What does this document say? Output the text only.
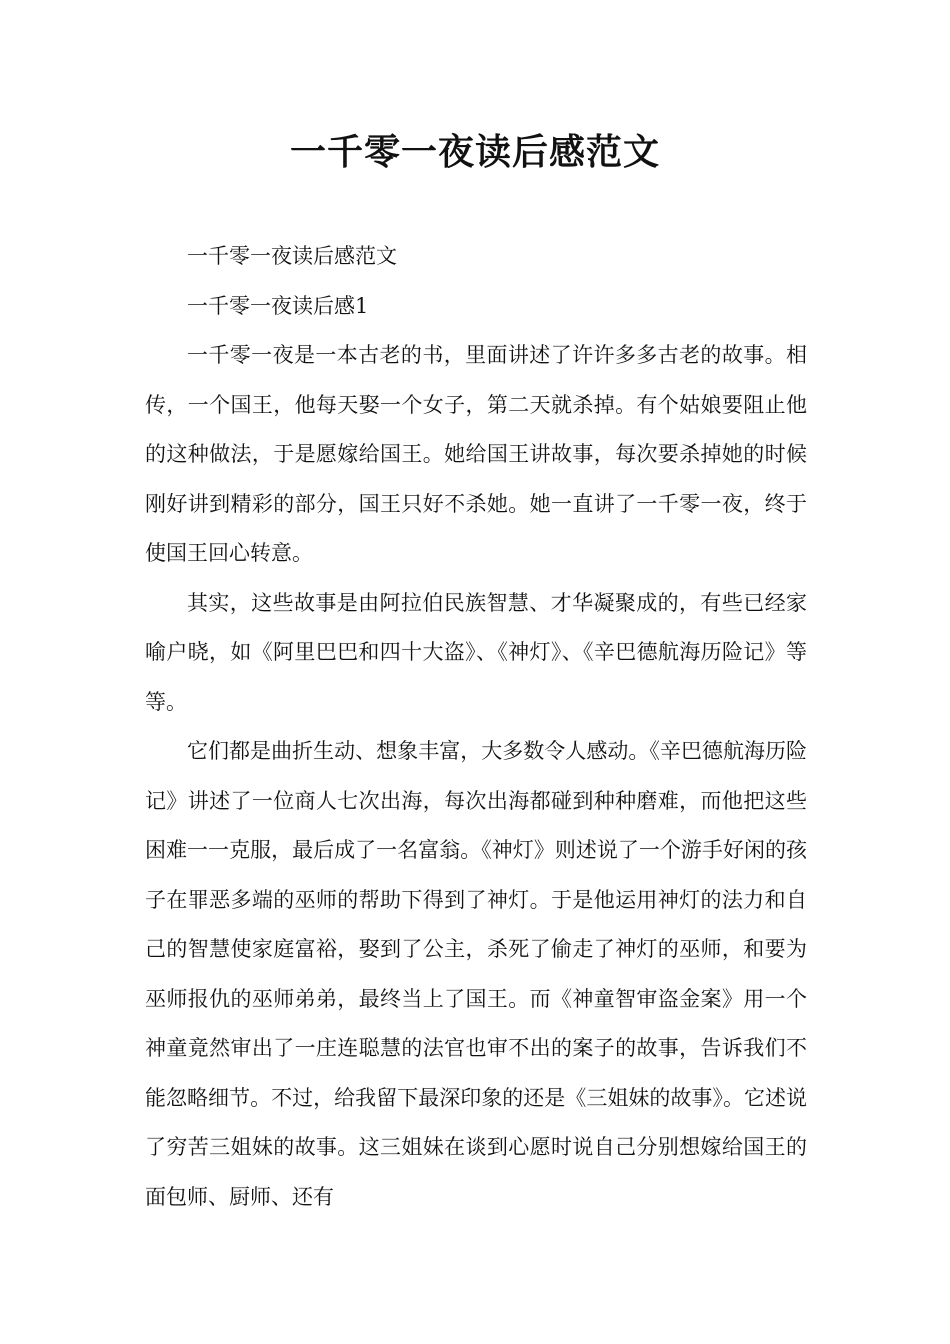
一千零一夜读后感范文

一千零一夜读后感范文

一千零一夜读后感1

一千零一夜是一本古老的书，里面讲述了许许多多古老的故事。相传，一个国王，他每天娶一个女子，第二天就杀掉。有个姑娘要阻止他的这种做法，于是愿嫁给国王。她给国王讲故事，每次要杀掉她的时候刚好讲到精彩的部分，国王只好不杀她。她一直讲了一千零一夜，终于使国王回心转意。

其实，这些故事是由阿拉伯民族智慧、才华凝聚成的，有些已经家喻户晓，如《阿里巴巴和四十大盗》、《神灯》、《辛巴德航海历险记》等等。

它们都是曲折生动、想象丰富，大多数令人感动。《辛巴德航海历险记》讲述了一位商人七次出海，每次出海都碰到种种磨难，而他把这些困难一一克服，最后成了一名富翁。《神灯》则述说了一个游手好闲的孩子在罪恶多端的巫师的帮助下得到了神灯。于是他运用神灯的法力和自己的智慧使家庭富裕，娶到了公主，杀死了偷走了神灯的巫师，和要为巫师报仇的巫师弟弟，最终当上了国王。而《神童智审盗金案》用一个神童竟然审出了一庄连聪慧的法官也审不出的案子的故事，告诉我们不能忽略细节。不过，给我留下最深印象的还是《三姐妹的故事》。它述说了穷苦三姐妹的故事。这三姐妹在谈到心愿时说自己分别想嫁给国王的面包师、厨师、还有
